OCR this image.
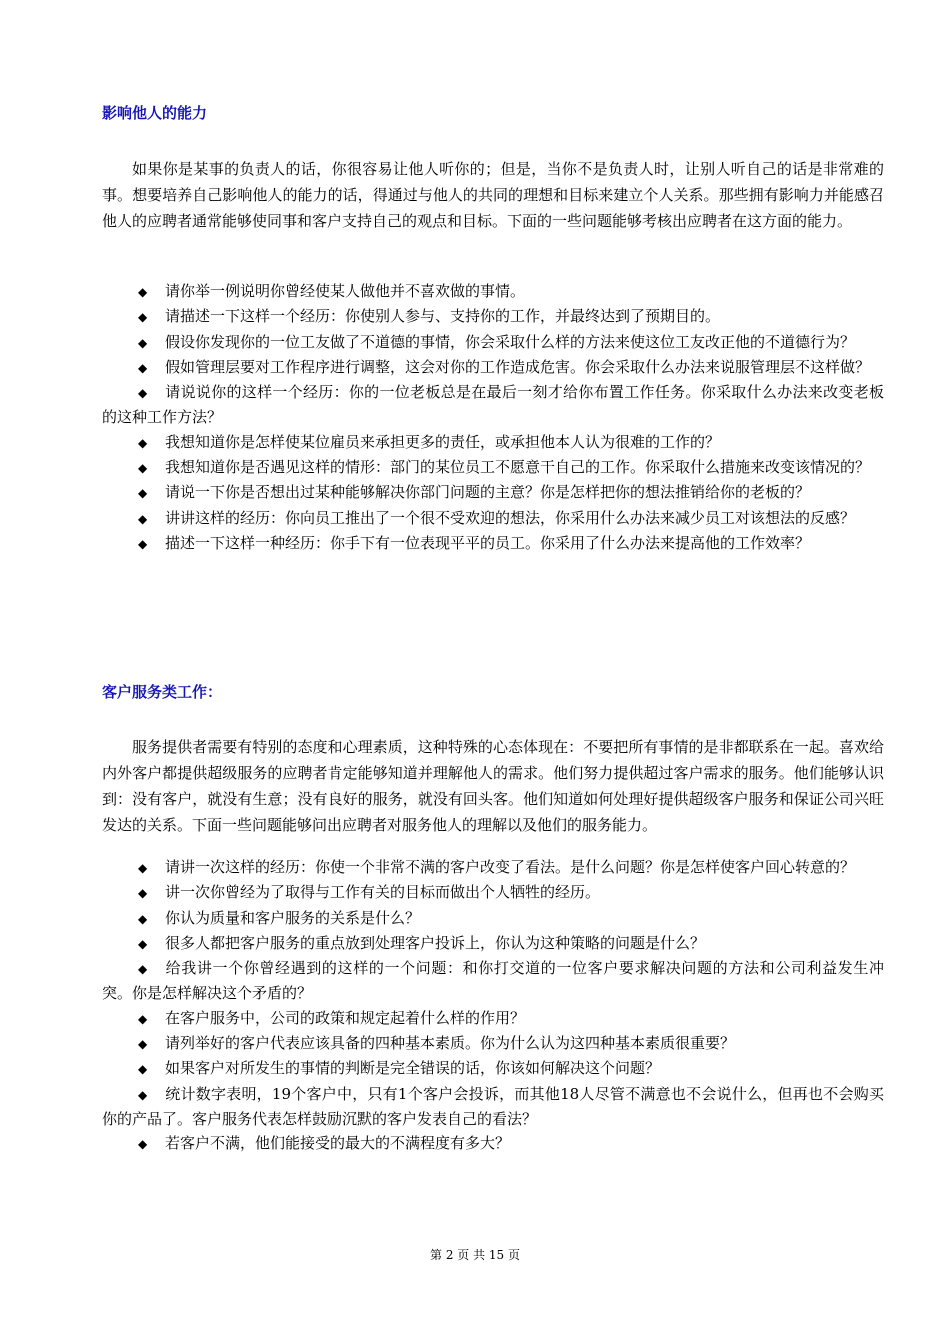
影响他人的能力

如果你是某事的负责人的话，你很容易让他人听你的；但是，当你不是负责人时，让别人听自己的话是非常难的事。想要培养自己影响他人的能力的话，得通过与他人的共同的理想和目标来建立个人关系。那些拥有影响力并能感召他人的应聘者通常能够使同事和客户支持自己的观点和目标。下面的一些问题能够考核出应聘者在这方面的能力。

◆ 请你举一例说明你曾经使某人做他并不喜欢做的事情。

◆ 请描述一下这样一个经历：你使别人参与、支持你的工作，并最终达到了预期目的。

◆ 假设你发现你的一位工友做了不道德的事情，你会采取什么样的方法来使这位工友改正他的不道德行为？

◆ 假如管理层要对工作程序进行调整，这会对你的工作造成危害。你会采取什么办法来说服管理层不这样做？

◆ 请说说你的这样一个经历：你的一位老板总是在最后一刻才给你布置工作任务。你采取什么办法来改变老板的这种工作方法？

◆ 我想知道你是怎样使某位雇员来承担更多的责任，或承担他本人认为很难的工作的？

◆ 我想知道你是否遇见这样的情形：部门的某位员工不愿意干自己的工作。你采取什么措施来改变该情况的？

◆ 请说一下你是否想出过某种能够解决你部门问题的主意？你是怎样把你的想法推销给你的老板的？

◆ 讲讲这样的经历：你向员工推出了一个很不受欢迎的想法，你采用什么办法来减少员工对该想法的反感？

◆ 描述一下这样一种经历：你手下有一位表现平平的员工。你采用了什么办法来提高他的工作效率？

客户服务类工作：

服务提供者需要有特别的态度和心理素质，这种特殊的心态体现在：不要把所有事情的是非都联系在一起。喜欢给内外客户都提供超级服务的应聘者肯定能够知道并理解他人的需求。他们努力提供超过客户需求的服务。他们能够认识到：没有客户，就没有生意；没有良好的服务，就没有回头客。他们知道如何处理好提供超级客户服务和保证公司兴旺发达的关系。下面一些问题能够问出应聘者对服务他人的理解以及他们的服务能力。

◆ 请讲一次这样的经历：你使一个非常不满的客户改变了看法。是什么问题？你是怎样使客户回心转意的？

◆ 讲一次你曾经为了取得与工作有关的目标而做出个人牺牲的经历。

◆ 你认为质量和客户服务的关系是什么？

◆ 很多人都把客户服务的重点放到处理客户投诉上，你认为这种策略的问题是什么？

◆ 给我讲一个你曾经遇到的这样的一个问题：和你打交道的一位客户要求解决问题的方法和公司利益发生冲突。你是怎样解决这个矛盾的？

◆ 在客户服务中，公司的政策和规定起着什么样的作用？

◆ 请列举好的客户代表应该具备的四种基本素质。你为什么认为这四种基本素质很重要？

◆ 如果客户对所发生的事情的判断是完全错误的话，你该如何解决这个问题？

◆ 统计数字表明，19个客户中，只有1个客户会投诉，而其他18人尽管不满意也不会说什么，但再也不会购买你的产品了。客户服务代表怎样鼓励沉默的客户发表自己的看法？

◆ 若客户不满，他们能接受的最大的不满程度有多大？

第 2 页 共 15 页
